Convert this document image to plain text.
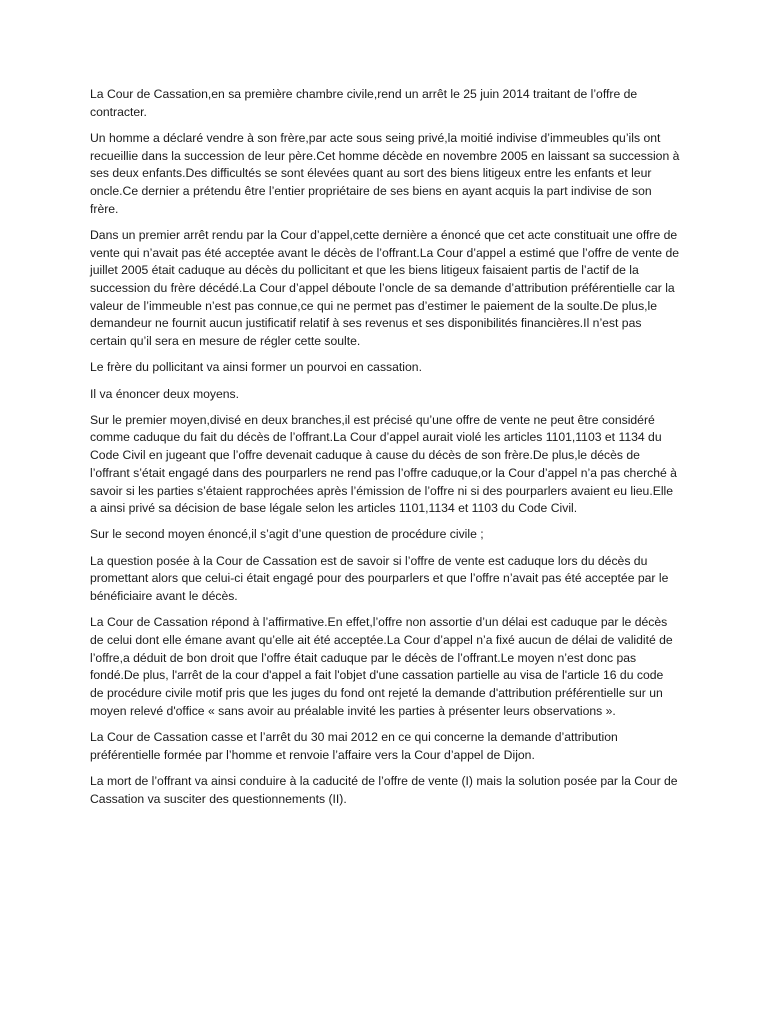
La Cour de Cassation,en sa première chambre civile,rend un arrêt le 25 juin 2014 traitant de l’offre de contracter.

Un homme a déclaré vendre à son frère,par acte sous seing privé,la moitié indivise d’immeubles qu’ils ont recueillie dans la succession de leur père.Cet homme décède en novembre 2005 en laissant sa succession à ses deux enfants.Des difficultés se sont élevées quant au sort des biens litigeux entre les enfants et leur oncle.Ce dernier a prétendu être l’entier propriétaire de ses biens en ayant acquis la part indivise de son frère.

Dans un premier arrêt rendu par la Cour d’appel,cette dernière a énoncé que cet acte constituait une offre de vente qui n’avait pas été acceptée avant le décès de l’offrant.La Cour d’appel a estimé que l’offre de vente de juillet 2005 était caduque au décès du pollicitant et que les biens litigeux faisaient partis de l’actif de la succession du frère décédé.La Cour d’appel déboute l’oncle de sa demande d’attribution préférentielle car la valeur de l’immeuble n’est pas connue,ce qui ne permet pas d’estimer le paiement de la soulte.De plus,le demandeur ne fournit aucun justificatif relatif à ses revenus et ses disponibilités financières.Il n’est pas certain qu’il sera en mesure de régler cette soulte.

Le frère du pollicitant va ainsi former un pourvoi en cassation.

Il va énoncer deux moyens.

Sur le premier moyen,divisé en deux branches,il est précisé qu’une offre de vente ne peut être considéré comme caduque du fait du décès de l’offrant.La Cour d’appel aurait violé les articles 1101,1103 et 1134 du Code Civil en jugeant que l’offre devenait caduque à cause du décès de son frère.De plus,le décès de l’offrant s’était engagé dans des pourparlers ne rend pas l’offre caduque,or la Cour d’appel n’a pas cherché à savoir si les parties s’étaient rapprochées après l’émission de l’offre ni si des pourparlers avaient eu lieu.Elle a ainsi privé sa décision de base légale selon les articles 1101,1134 et 1103 du Code Civil.

Sur le second moyen énoncé,il s’agit d’une question de procédure civile ;

La question posée à la Cour de Cassation est de savoir si l’offre de vente est caduque lors du décès du promettant alors que celui-ci était engagé pour des pourparlers et que l’offre n’avait pas été acceptée par le bénéficiaire avant le décès.

La Cour de Cassation répond à l’affirmative.En effet,l’offre non assortie d’un délai est caduque par le décès de celui dont elle émane avant qu’elle ait été acceptée.La Cour d’appel n’a fixé aucun de délai de validité de l’offre,a déduit de bon droit que l’offre était caduque par le décès de l’offrant.Le moyen n’est donc pas fondé.De plus, l'arrêt de la cour d'appel a fait l'objet d'une cassation partielle au visa de l'article 16 du code de procédure civile motif pris que les juges du fond ont rejeté la demande d'attribution préférentielle sur un moyen relevé d'office « sans avoir au préalable invité les parties à présenter leurs observations ».

La Cour de Cassation casse et l’arrêt du 30 mai 2012 en ce qui concerne la demande d’attribution préférentielle formée par l’homme et renvoie l’affaire vers la Cour d’appel de Dijon.

La mort de l’offrant va ainsi conduire à la caducité de l’offre de vente (I) mais la solution posée par la Cour de Cassation va susciter des questionnements (II).
